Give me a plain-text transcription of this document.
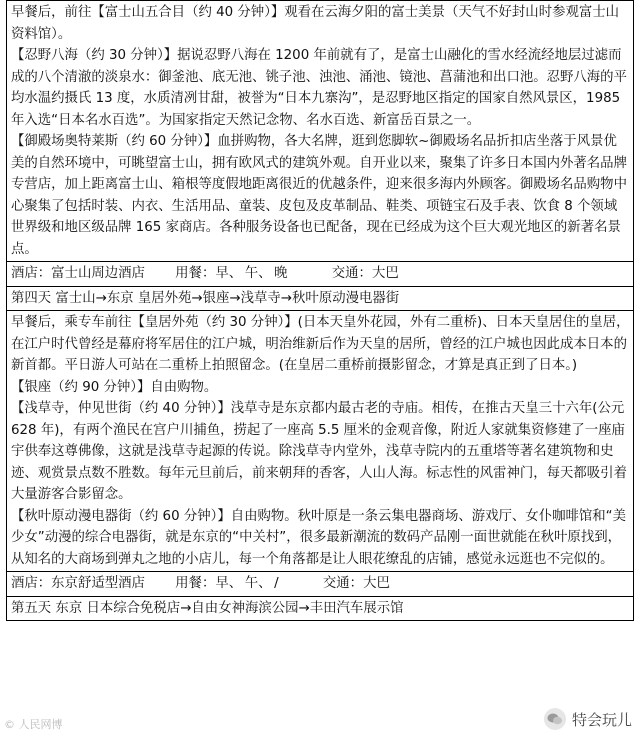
早餐后，前往【富士山五合目（约 40 分钟）】观看在云海夕阳的富士美景（天气不好封山时参观富士山资料馆）。

【忍野八海（约 30 分钟）】据说忍野八海在 1200 年前就有了，是富士山融化的雪水经流经地层过滤而成的八个清澈的淡泉水：御釜池、底无池、铫子池、浊池、涌池、镜池、菖蒲池和出口池。忍野八海的平均水温约摄氏 13 度，水质清冽甘甜，被誉为“日本九寨沟”，是忍野地区指定的国家自然风景区，1985 年入选“日本名水百选”。为国家指定天然记念物、名水百选、新富岳百景之一。

【御殿场奥特莱斯（约 60 分钟）】血拼购物，各大名牌，逛到您脚软~御殿场名品折扣店坐落于风景优美的自然环境中，可眺望富士山，拥有欧风式的建筑外观。自开业以来，聚集了许多日本国内外著名品牌专营店，加上距离富士山、箱根等度假地距离很近的优越条件，迎来很多海内外顾客。御殿场名品购物中心聚集了包括时装、内衣、生活用品、童装、皮包及皮革制品、鞋类、项链宝石及手表、饮食 8 个领域世界级和地区级品牌 165 家商店。各种服务设备也已配备，现在已经成为这个巨大观光地区的新著名景点。

酒店：富士山周边酒店 用餐：早、 午、 晚	交通：大巴
第四天 富士山→东京 皇居外苑→银座→浅草寺→秋叶原动漫电器街

早餐后，乘专车前往【皇居外苑（约 30 分钟）】(日本天皇外花园，外有二重桥)、日本天皇居住的皇居，在江户时代曾经是幕府将军居住的江户城，明治维新后作为天皇的居所，曾经的江户城也因此成本日本的新首都。平日游人可站在二重桥上拍照留念。(在皇居二重桥前摄影留念，才算是真正到了日本。)

【银座（约 90 分钟）】自由购物。

【浅草寺，仲见世街（约 40 分钟）】浅草寺是东京都内最古老的寺庙。相传，在推古天皇三十六年(公元 628 年)，有两个渔民在宫户川捕鱼，捞起了一座高 5.5 厘米的金观音像，附近人家就集资修建了一座庙宇供奉这尊佛像，这就是浅草寺起源的传说。除浅草寺内堂外，浅草寺院内的五重塔等著名建筑物和史迹、观赏景点数不胜数。每年元旦前后，前来朝拜的香客，人山人海。标志性的风雷神门，每天都吸引着大量游客合影留念。

【秋叶原动漫电器街（约 60 分钟）】自由购物。秋叶原是一条云集电器商场、游戏厅、女仆咖啡馆和“美少女”动漫的综合电器街，就是东京的“中关村”，很多最新潮流的数码产品刚一面世就能在秋叶原找到，从知名的大商场到弹丸之地的小店儿，每一个角落都是让人眼花缭乱的店铺，感觉永远逛也不完似的。

酒店：东京舒适型酒店 用餐：早、 午、 /	交通：大巴
第五天 东京 日本综合免税店→自由女神海滨公园→丰田汽车展示馆
© 人民网博	特会玩儿
